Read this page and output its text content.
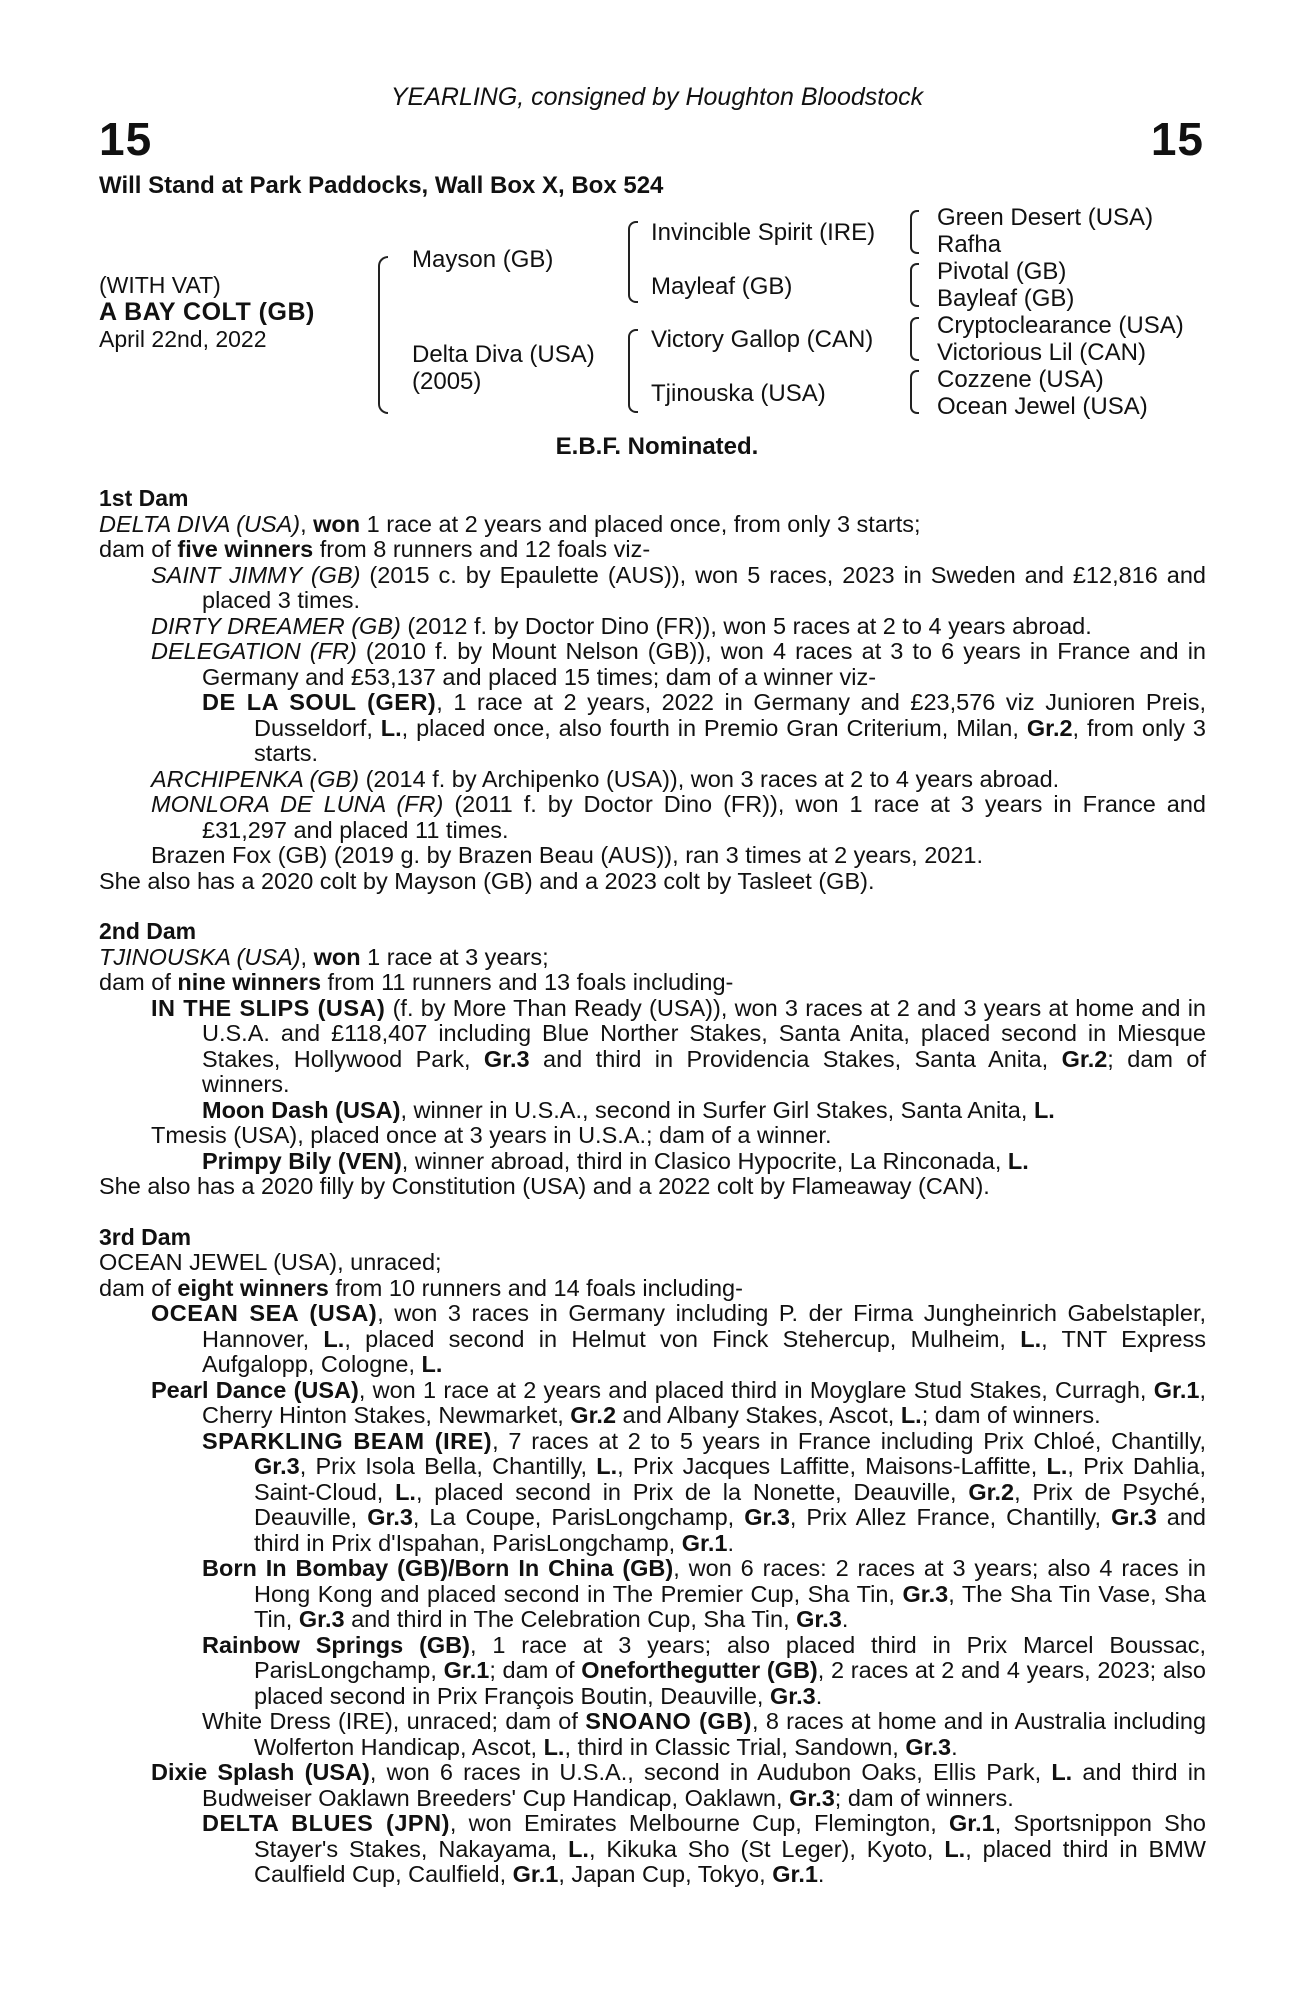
YEARLING, consigned by Houghton Bloodstock
15	15
Will Stand at Park Paddocks, Wall Box X, Box 524
(WITH VAT)
A BAY COLT (GB)
April 22nd, 2022
Mayson (GB)
Delta Diva (USA)
(2005)
Invincible Spirit (IRE)
Mayleaf (GB)
Victory Gallop (CAN)
Tjinouska (USA)
Green Desert (USA)
Rafha
Pivotal (GB)
Bayleaf (GB)
Cryptoclearance (USA)
Victorious Lil (CAN)
Cozzene (USA)
Ocean Jewel (USA)
E.B.F. Nominated.

1st Dam

DELTA DIVA (USA), won 1 race at 2 years and placed once, from only 3 starts;

dam of five winners from 8 runners and 12 foals viz-

SAINT JIMMY (GB) (2015 c. by Epaulette (AUS)), won 5 races, 2023 in Sweden and £12,816 and placed 3 times.

DIRTY DREAMER (GB) (2012 f. by Doctor Dino (FR)), won 5 races at 2 to 4 years abroad.

DELEGATION (FR) (2010 f. by Mount Nelson (GB)), won 4 races at 3 to 6 years in France and in Germany and £53,137 and placed 15 times; dam of a winner viz-

DE LA SOUL (GER), 1 race at 2 years, 2022 in Germany and £23,576 viz Junioren Preis, Dusseldorf, L., placed once, also fourth in Premio Gran Criterium, Milan, Gr.2, from only 3 starts.

ARCHIPENKA (GB) (2014 f. by Archipenko (USA)), won 3 races at 2 to 4 years abroad.

MONLORA DE LUNA (FR) (2011 f. by Doctor Dino (FR)), won 1 race at 3 years in France and £31,297 and placed 11 times.

Brazen Fox (GB) (2019 g. by Brazen Beau (AUS)), ran 3 times at 2 years, 2021.

She also has a 2020 colt by Mayson (GB) and a 2023 colt by Tasleet (GB).

2nd Dam

TJINOUSKA (USA), won 1 race at 3 years;

dam of nine winners from 11 runners and 13 foals including-

IN THE SLIPS (USA) (f. by More Than Ready (USA)), won 3 races at 2 and 3 years at home and in U.S.A. and £118,407 including Blue Norther Stakes, Santa Anita, placed second in Miesque Stakes, Hollywood Park, Gr.3 and third in Providencia Stakes, Santa Anita, Gr.2; dam of winners.

Moon Dash (USA), winner in U.S.A., second in Surfer Girl Stakes, Santa Anita, L.

Tmesis (USA), placed once at 3 years in U.S.A.; dam of a winner.

Primpy Bily (VEN), winner abroad, third in Clasico Hypocrite, La Rinconada, L.

She also has a 2020 filly by Constitution (USA) and a 2022 colt by Flameaway (CAN).

3rd Dam

OCEAN JEWEL (USA), unraced;

dam of eight winners from 10 runners and 14 foals including-

OCEAN SEA (USA), won 3 races in Germany including P. der Firma Jungheinrich Gabelstapler, Hannover, L., placed second in Helmut von Finck Stehercup, Mulheim, L., TNT Express Aufgalopp, Cologne, L.

Pearl Dance (USA), won 1 race at 2 years and placed third in Moyglare Stud Stakes, Curragh, Gr.1, Cherry Hinton Stakes, Newmarket, Gr.2 and Albany Stakes, Ascot, L.; dam of winners.

SPARKLING BEAM (IRE), 7 races at 2 to 5 years in France including Prix Chloé, Chantilly, Gr.3, Prix Isola Bella, Chantilly, L., Prix Jacques Laffitte, Maisons-Laffitte, L., Prix Dahlia, Saint-Cloud, L., placed second in Prix de la Nonette, Deauville, Gr.2, Prix de Psyché, Deauville, Gr.3, La Coupe, ParisLongchamp, Gr.3, Prix Allez France, Chantilly, Gr.3 and third in Prix d'Ispahan, ParisLongchamp, Gr.1.

Born In Bombay (GB)/Born In China (GB), won 6 races: 2 races at 3 years; also 4 races in Hong Kong and placed second in The Premier Cup, Sha Tin, Gr.3, The Sha Tin Vase, Sha Tin, Gr.3 and third in The Celebration Cup, Sha Tin, Gr.3.

Rainbow Springs (GB), 1 race at 3 years; also placed third in Prix Marcel Boussac, ParisLongchamp, Gr.1; dam of Oneforthegutter (GB), 2 races at 2 and 4 years, 2023; also placed second in Prix François Boutin, Deauville, Gr.3.

White Dress (IRE), unraced; dam of SNOANO (GB), 8 races at home and in Australia including Wolferton Handicap, Ascot, L., third in Classic Trial, Sandown, Gr.3.

Dixie Splash (USA), won 6 races in U.S.A., second in Audubon Oaks, Ellis Park, L. and third in Budweiser Oaklawn Breeders' Cup Handicap, Oaklawn, Gr.3; dam of winners.

DELTA BLUES (JPN), won Emirates Melbourne Cup, Flemington, Gr.1, Sportsnippon Sho Stayer's Stakes, Nakayama, L., Kikuka Sho (St Leger), Kyoto, L., placed third in BMW Caulfield Cup, Caulfield, Gr.1, Japan Cup, Tokyo, Gr.1.
